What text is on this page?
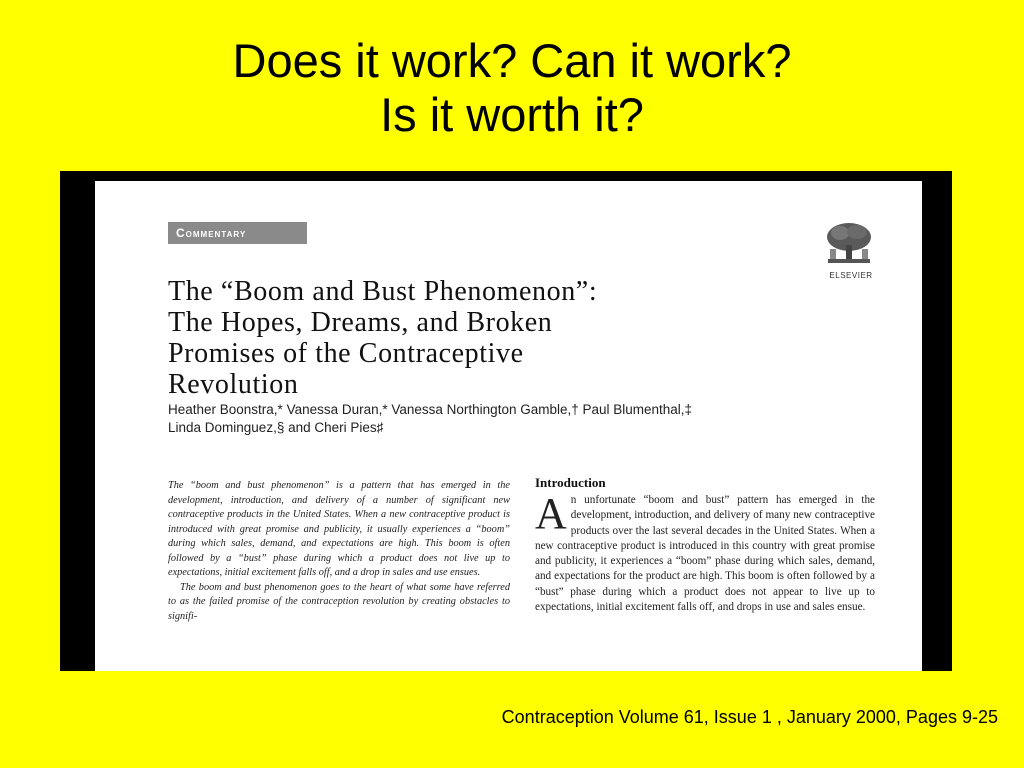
Does it work? Can it work?
Is it worth it?
Commentary
ELSEVIER
The “Boom and Bust Phenomenon”:
The Hopes, Dreams, and Broken
Promises of the Contraceptive
Revolution
Heather Boonstra,* Vanessa Duran,* Vanessa Northington Gamble,† Paul Blumenthal,‡
Linda Dominguez,§ and Cheri Pies♯
The “boom and bust phenomenon” is a pattern that has emerged in the development, introduction, and delivery of a number of significant new contraceptive products in the United States. When a new contraceptive product is introduced with great promise and publicity, it usually experiences a “boom” during which sales, demand, and expectations are high. This boom is often followed by a “bust” phase during which a product does not live up to expectations, initial excitement falls off, and a drop in sales and use ensues.
The boom and bust phenomenon goes to the heart of what some have referred to as the failed promise of the contraception revolution by creating obstacles to signifi-
Introduction
An unfortunate “boom and bust” pattern has emerged in the development, introduction, and delivery of many new contraceptive products over the last several decades in the United States. When a new contraceptive product is introduced in this country with great promise and publicity, it experiences a “boom” phase during which sales, demand, and expectations for the product are high. This boom is often followed by a “bust” phase during which a product does not appear to live up to expectations, initial excitement falls off, and drops in use and sales ensue.
Contraception Volume 61, Issue 1 , January 2000, Pages 9-25
